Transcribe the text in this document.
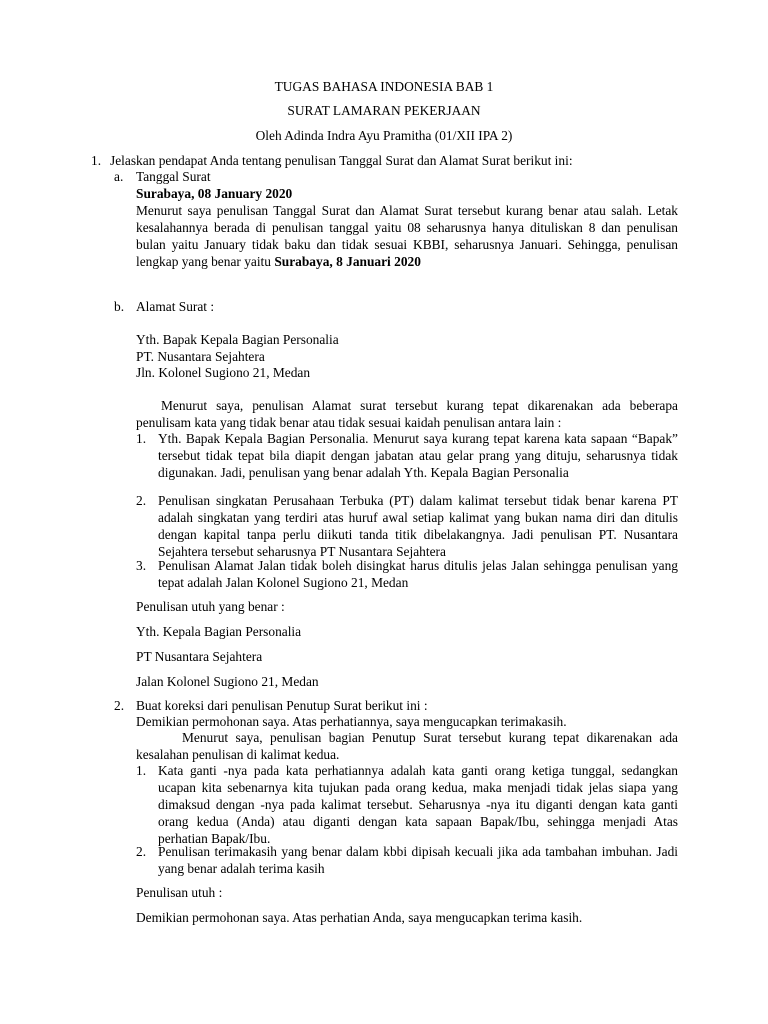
TUGAS BAHASA INDONESIA BAB 1
SURAT LAMARAN PEKERJAAN
Oleh Adinda Indra Ayu Pramitha (01/XII IPA 2)
1. Jelaskan pendapat Anda tentang penulisan Tanggal Surat dan Alamat Surat berikut ini:
a. Tanggal Surat
Surabaya, 08 January 2020

Menurut saya penulisan Tanggal Surat dan Alamat Surat tersebut kurang benar atau salah. Letak kesalahannya berada di penulisan tanggal yaitu 08 seharusnya hanya dituliskan 8 dan penulisan bulan yaitu January tidak baku dan tidak sesuai KBBI, seharusnya Januari. Sehingga, penulisan lengkap yang benar yaitu Surabaya, 8 Januari 2020

b. Alamat Surat :
Yth. Bapak Kepala Bagian Personalia
PT. Nusantara Sejahtera
Jln. Kolonel Sugiono 21, Medan

Menurut saya, penulisan Alamat surat tersebut kurang tepat dikarenakan ada beberapa penulisam kata yang tidak benar atau tidak sesuai kaidah penulisan antara lain :

1. Yth. Bapak Kepala Bagian Personalia. Menurut saya kurang tepat karena kata sapaan “Bapak” tersebut tidak tepat bila diapit dengan jabatan atau gelar prang yang dituju, seharusnya tidak digunakan. Jadi, penulisan yang benar adalah Yth. Kepala Bagian Personalia

2. Penulisan singkatan Perusahaan Terbuka (PT) dalam kalimat tersebut tidak benar karena PT adalah singkatan yang terdiri atas huruf awal setiap kalimat yang bukan nama diri dan ditulis dengan kapital tanpa perlu diikuti tanda titik dibelakangnya. Jadi penulisan PT. Nusantara Sejahtera tersebut seharusnya PT Nusantara Sejahtera

3. Penulisan Alamat Jalan tidak boleh disingkat harus ditulis jelas Jalan sehingga penulisan yang tepat adalah Jalan Kolonel Sugiono 21, Medan

Penulisan utuh yang benar :
Yth. Kepala Bagian Personalia
PT Nusantara Sejahtera
Jalan Kolonel Sugiono 21, Medan
2. Buat koreksi dari penulisan Penutup Surat berikut ini :
Demikian permohonan saya. Atas perhatiannya, saya mengucapkan terimakasih.

Menurut saya, penulisan bagian Penutup Surat tersebut kurang tepat dikarenakan ada kesalahan penulisan di kalimat kedua.

1. Kata ganti -nya pada kata perhatiannya adalah kata ganti orang ketiga tunggal, sedangkan ucapan kita sebenarnya kita tujukan pada orang kedua, maka menjadi tidak jelas siapa yang dimaksud dengan -nya pada kalimat tersebut. Seharusnya -nya itu diganti dengan kata ganti orang kedua (Anda) atau diganti dengan kata sapaan Bapak/Ibu, sehingga menjadi Atas perhatian Bapak/Ibu.

2. Penulisan terimakasih yang benar dalam kbbi dipisah kecuali jika ada tambahan imbuhan. Jadi yang benar adalah terima kasih

Penulisan utuh :
Demikian permohonan saya. Atas perhatian Anda, saya mengucapkan terima kasih.
